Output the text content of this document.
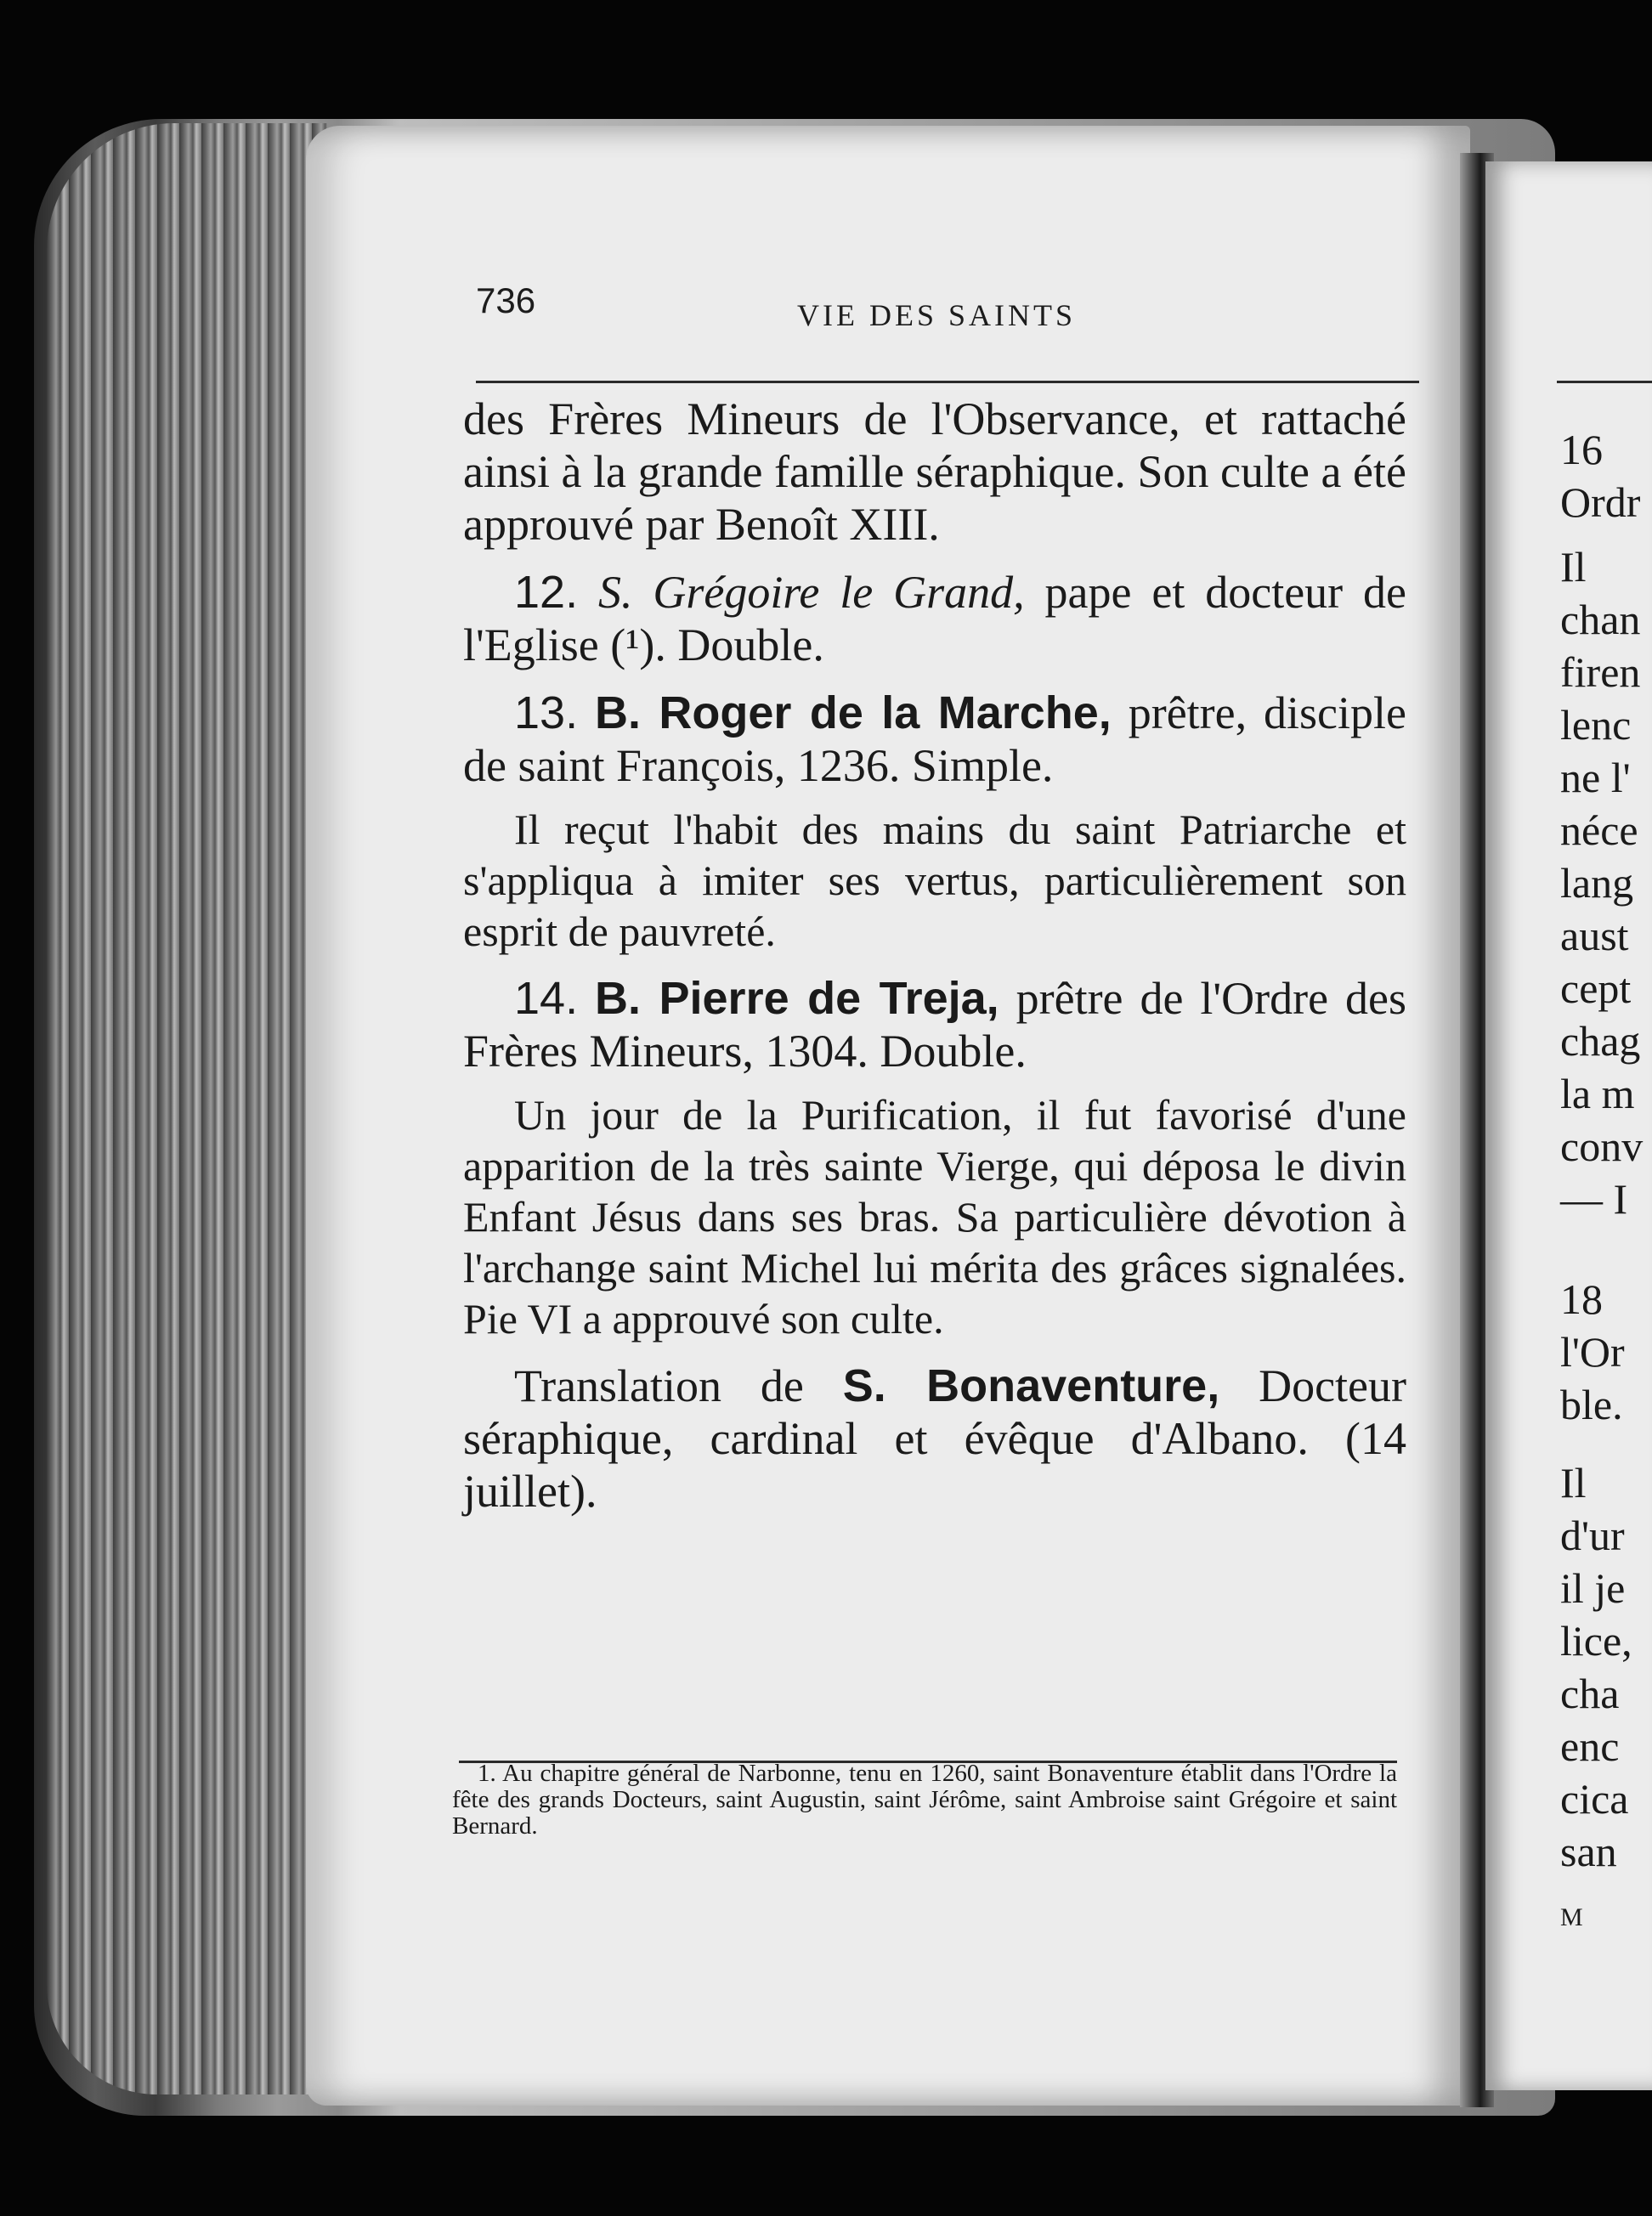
736	VIE DES SAINTS

des Frères Mineurs de l'Observance, et rattaché ainsi à la grande famille séraphique. Son culte a été approuvé par Benoît XIII.

12. S. Grégoire le Grand, pape et docteur de l'Eglise (¹). Double.

13. B. Roger de la Marche, prêtre, disciple de saint François, 1236. Simple.

Il reçut l'habit des mains du saint Patriarche et s'appliqua à imiter ses vertus, particulièrement son esprit de pauvreté.

14. B. Pierre de Treja, prêtre de l'Ordre des Frères Mineurs, 1304. Double.

Un jour de la Purification, il fut favorisé d'une apparition de la très sainte Vierge, qui déposa le divin Enfant Jésus dans ses bras. Sa particulière dévotion à l'archange saint Michel lui mérita des grâces signalées. Pie VI a approuvé son culte.

Translation de S. Bonaventure, Docteur séraphique, cardinal et évêque d'Albano. (14 juillet).

1. Au chapitre général de Narbonne, tenu en 1260, saint Bonaventure établit dans l'Ordre la fête des grands Docteurs, saint Augustin, saint Jérôme, saint Ambroise saint Grégoire et saint Bernard.

16

Ordr

Il

chan

firen

lenc

ne l'

néce

lang

aust

cept

chag

la m

conv

— I

18

l'Or

ble.

Il

d'ur

il je

lice,

cha

enc

cica

san

M
